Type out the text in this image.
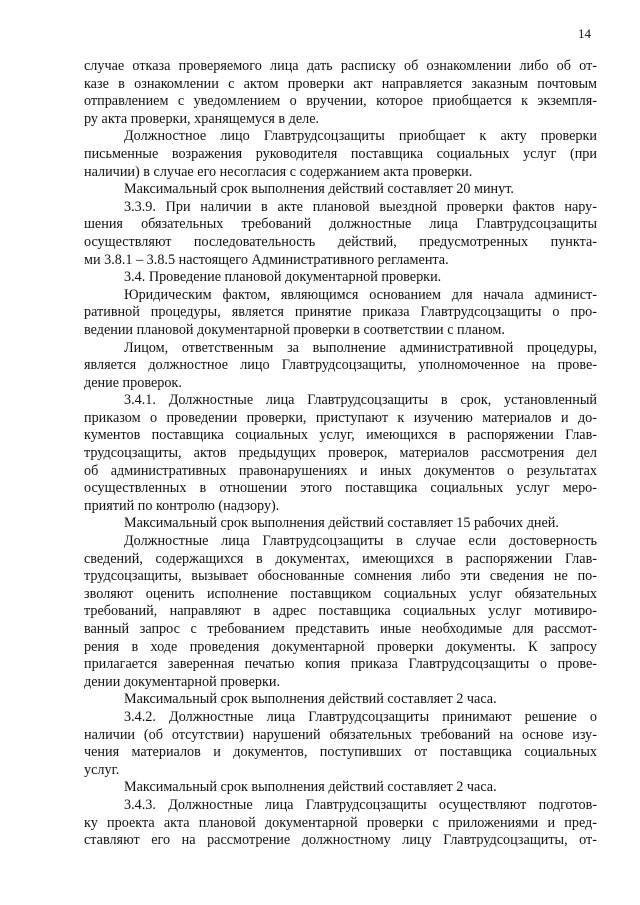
14
случае отказа проверяемого лица дать расписку об ознакомлении либо об от-
казе в ознакомлении с актом проверки акт направляется заказным почтовым
отправлением с уведомлением о вручении, которое приобщается к экземпля-
ру акта проверки, хранящемуся в деле.
Должностное лицо Главтрудсоцзащиты приобщает к акту проверки
письменные возражения руководителя поставщика социальных услуг (при
наличии) в случае его несогласия с содержанием акта проверки.
Максимальный срок выполнения действий составляет 20 минут.
3.3.9. При наличии в акте плановой выездной проверки фактов нару-
шения обязательных требований должностные лица Главтрудсоцзащиты
осуществляют последовательность действий, предусмотренных пункта-
ми 3.8.1 – 3.8.5 настоящего Административного регламента.
3.4. Проведение плановой документарной проверки.
Юридическим фактом, являющимся основанием для начала админист-
ративной процедуры, является принятие приказа Главтрудсоцзащиты о про-
ведении плановой документарной проверки в соответствии с планом.
Лицом, ответственным за выполнение административной процедуры,
является должностное лицо Главтрудсоцзащиты, уполномоченное на прове-
дение проверок.
3.4.1. Должностные лица Главтрудсоцзащиты в срок, установленный
приказом о проведении проверки, приступают к изучению материалов и до-
кументов поставщика социальных услуг, имеющихся в распоряжении Глав-
трудсоцзащиты, актов предыдущих проверок, материалов рассмотрения дел
об административных правонарушениях и иных документов о результатах
осуществленных в отношении этого поставщика социальных услуг меро-
приятий по контролю (надзору).
Максимальный срок выполнения действий составляет 15 рабочих дней.
Должностные лица Главтрудсоцзащиты в случае если достоверность
сведений, содержащихся в документах, имеющихся в распоряжении Глав-
трудсоцзащиты, вызывает обоснованные сомнения либо эти сведения не по-
зволяют оценить исполнение поставщиком социальных услуг обязательных
требований, направляют в адрес поставщика социальных услуг мотивиро-
ванный запрос с требованием представить иные необходимые для рассмот-
рения в ходе проведения документарной проверки документы. К запросу
прилагается заверенная печатью копия приказа Главтрудсоцзащиты о прове-
дении документарной проверки.
Максимальный срок выполнения действий составляет 2 часа.
3.4.2. Должностные лица Главтрудсоцзащиты принимают решение о
наличии (об отсутствии) нарушений обязательных требований на основе изу-
чения материалов и документов, поступивших от поставщика социальных
услуг.
Максимальный срок выполнения действий составляет 2 часа.
3.4.3. Должностные лица Главтрудсоцзащиты осуществляют подготов-
ку проекта акта плановой документарной проверки с приложениями и пред-
ставляют его на рассмотрение должностному лицу Главтрудсоцзащиты, от-
